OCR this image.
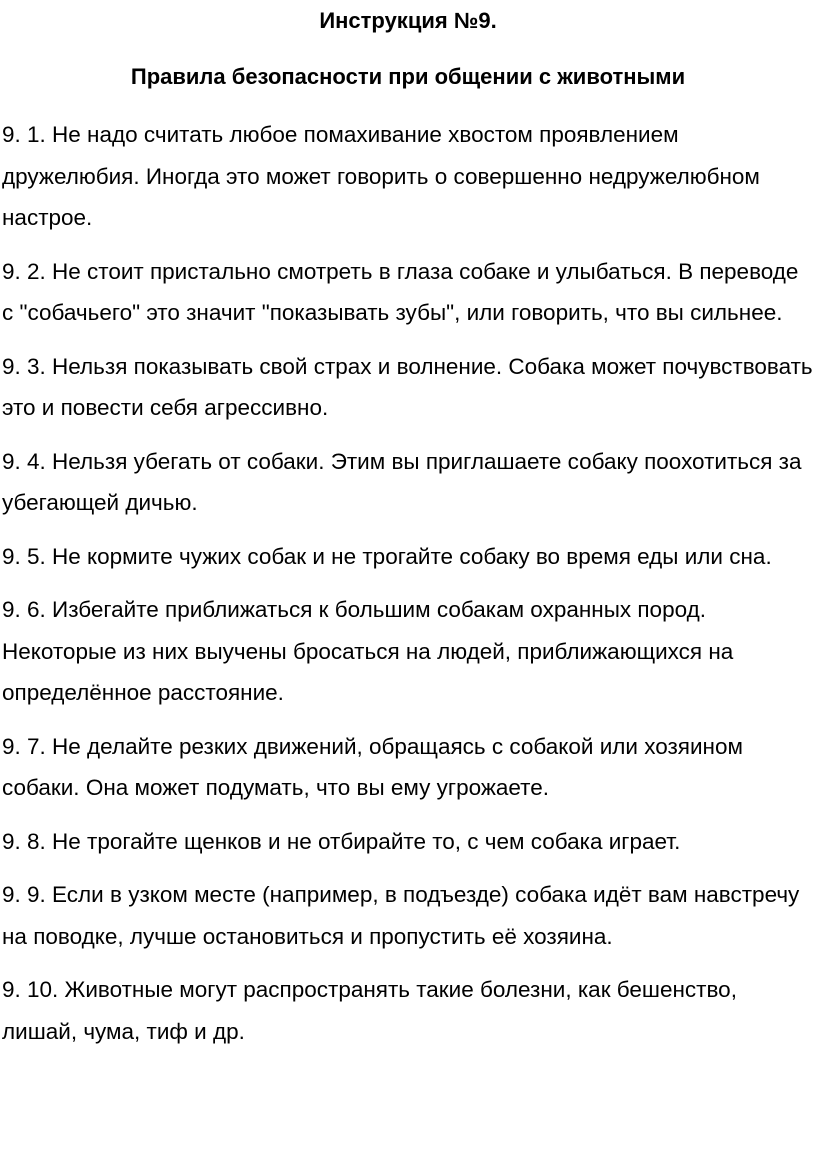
Инструкция №9.
Правила безопасности при общении с животными
9. 1. Не надо считать любое помахивание хвостом проявлением дружелюбия. Иногда это может говорить о совершенно недружелюбном настрое.
9. 2. Не стоит пристально смотреть в глаза собаке и улыбаться. В переводе с "собачьего" это значит "показывать зубы", или говорить, что вы сильнее.
9. 3. Нельзя показывать свой страх и волнение. Собака может почувствовать это и повести себя агрессивно.
9. 4. Нельзя убегать от собаки. Этим вы приглашаете собаку поохотиться за убегающей дичью.
9. 5. Не кормите чужих собак и не трогайте собаку во время еды или сна.
9. 6. Избегайте приближаться к большим собакам охранных пород. Некоторые из них выучены бросаться на людей, приближающихся на определённое расстояние.
9. 7. Не делайте резких движений, обращаясь с собакой или хозяином собаки. Она может подумать, что вы ему угрожаете.
9. 8. Не трогайте щенков и не отбирайте то, с чем собака играет.
9. 9. Если в узком месте (например, в подъезде) собака идёт вам навстречу на поводке, лучше остановиться и пропустить её хозяина.
9. 10. Животные могут распространять такие болезни, как бешенство, лишай, чума, тиф и др.
